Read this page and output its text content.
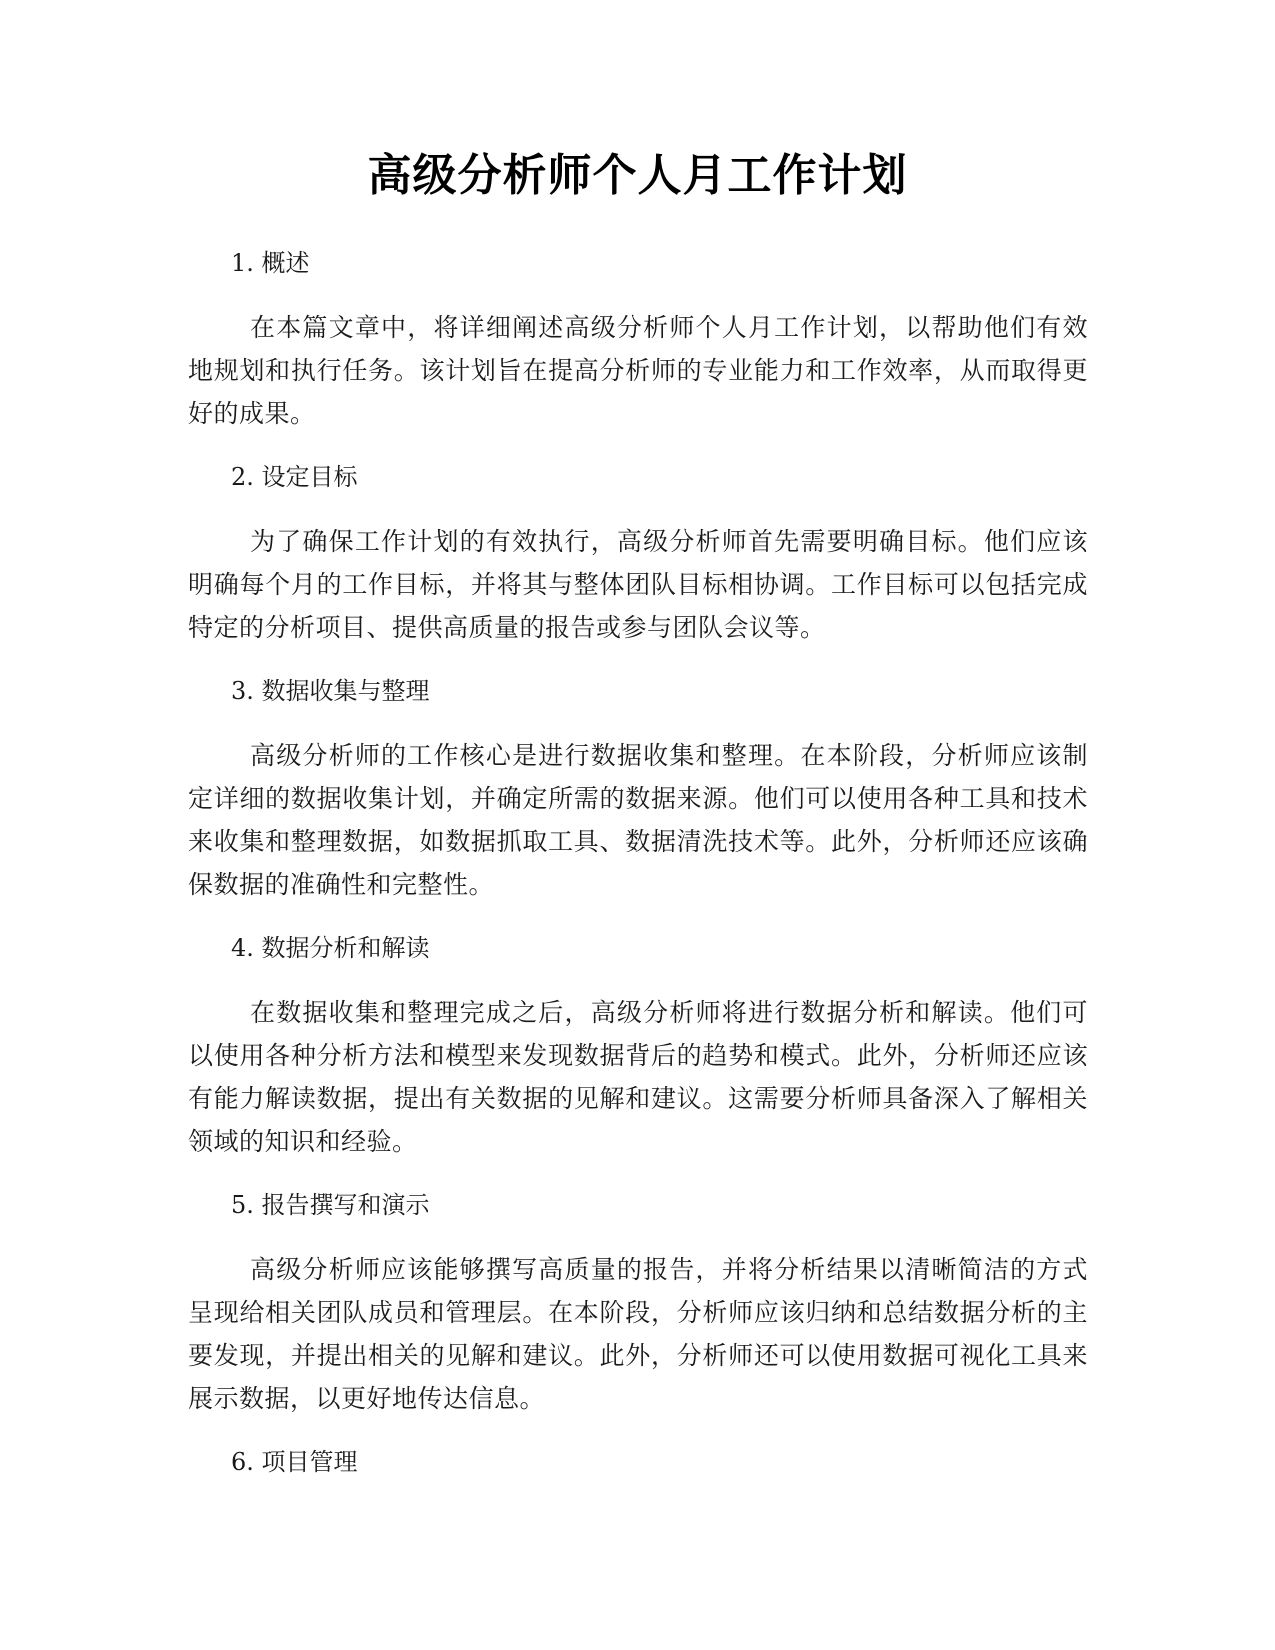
高级分析师个人月工作计划
1. 概述

在本篇文章中，将详细阐述高级分析师个人月工作计划，以帮助他们有效地规划和执行任务。该计划旨在提高分析师的专业能力和工作效率，从而取得更好的成果。

2. 设定目标

为了确保工作计划的有效执行，高级分析师首先需要明确目标。他们应该明确每个月的工作目标，并将其与整体团队目标相协调。工作目标可以包括完成特定的分析项目、提供高质量的报告或参与团队会议等。

3. 数据收集与整理

高级分析师的工作核心是进行数据收集和整理。在本阶段，分析师应该制定详细的数据收集计划，并确定所需的数据来源。他们可以使用各种工具和技术来收集和整理数据，如数据抓取工具、数据清洗技术等。此外，分析师还应该确保数据的准确性和完整性。

4. 数据分析和解读

在数据收集和整理完成之后，高级分析师将进行数据分析和解读。他们可以使用各种分析方法和模型来发现数据背后的趋势和模式。此外，分析师还应该有能力解读数据，提出有关数据的见解和建议。这需要分析师具备深入了解相关领域的知识和经验。

5. 报告撰写和演示

高级分析师应该能够撰写高质量的报告，并将分析结果以清晰简洁的方式呈现给相关团队成员和管理层。在本阶段，分析师应该归纳和总结数据分析的主要发现，并提出相关的见解和建议。此外，分析师还可以使用数据可视化工具来展示数据，以更好地传达信息。

6. 项目管理
